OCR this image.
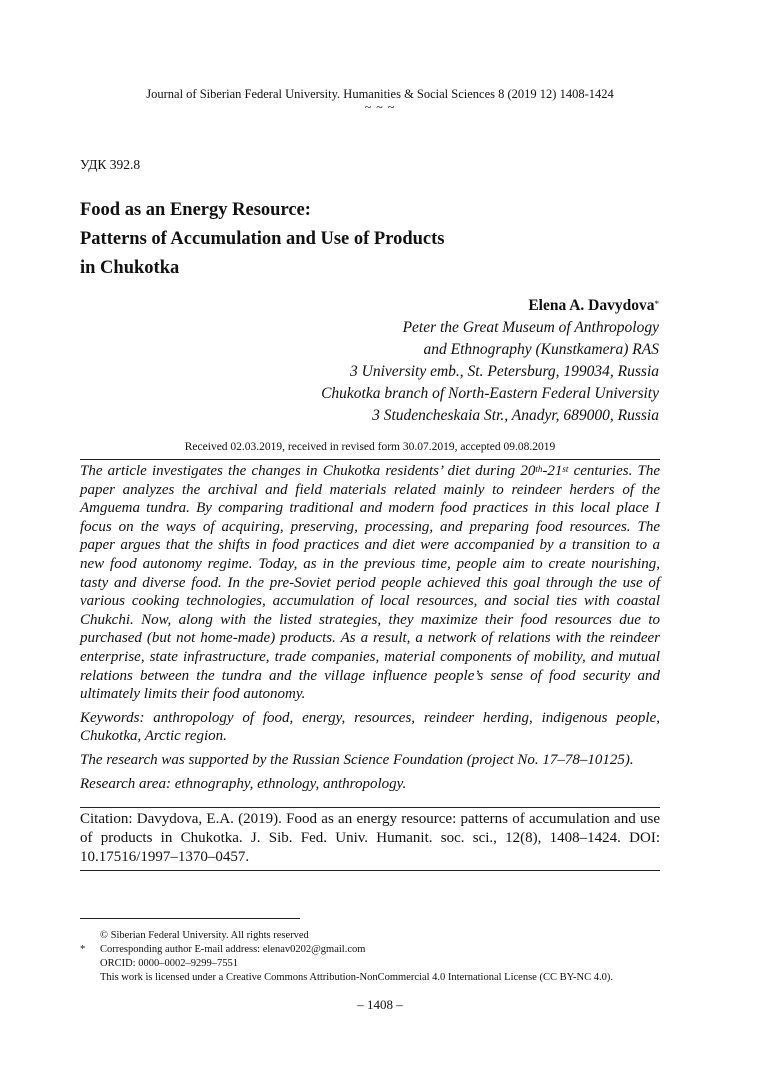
Journal of Siberian Federal University. Humanities & Social Sciences 8 (2019 12) 1408-1424
~ ~ ~
УДК 392.8
Food as an Energy Resource:
Patterns of Accumulation and Use of Products
in Chukotka
Elena A. Davydova*
Peter the Great Museum of Anthropology
and Ethnography (Kunstkamera) RAS
3 University emb., St. Petersburg, 199034, Russia
Chukotka branch of North-Eastern Federal University
3 Studencheskaia Str., Anadyr, 689000, Russia
Received 02.03.2019, received in revised form 30.07.2019, accepted 09.08.2019

The article investigates the changes in Chukotka residents’ diet during 20th-21st centuries. The paper analyzes the archival and field materials related mainly to reindeer herders of the Amguema tundra. By comparing traditional and modern food practices in this local place I focus on the ways of acquiring, preserving, processing, and preparing food resources. The paper argues that the shifts in food practices and diet were accompanied by a transition to a new food autonomy regime. Today, as in the previous time, people aim to create nourishing, tasty and diverse food. In the pre-Soviet period people achieved this goal through the use of various cooking technologies, accumulation of local resources, and social ties with coastal Chukchi. Now, along with the listed strategies, they maximize their food resources due to purchased (but not home-made) products. As a result, a network of relations with the reindeer enterprise, state infrastructure, trade companies, material components of mobility, and mutual relations between the tundra and the village influence people’s sense of food security and ultimately limits their food autonomy.

Keywords: anthropology of food, energy, resources, reindeer herding, indigenous people, Chukotka, Arctic region.

The research was supported by the Russian Science Foundation (project No. 17–78–10125).

Research area: ethnography, ethnology, anthropology.

Citation: Davydova, E.A. (2019). Food as an energy resource: patterns of accumulation and use of products in Chukotka. J. Sib. Fed. Univ. Humanit. soc. sci., 12(8), 1408–1424. DOI: 10.17516/1997–1370–0457.
© Siberian Federal University. All rights reserved
* Corresponding author E-mail address: elenav0202@gmail.com
ORCID: 0000–0002–9299–7551
This work is licensed under a Creative Commons Attribution-NonCommercial 4.0 International License (CC BY-NC 4.0).
– 1408 –
